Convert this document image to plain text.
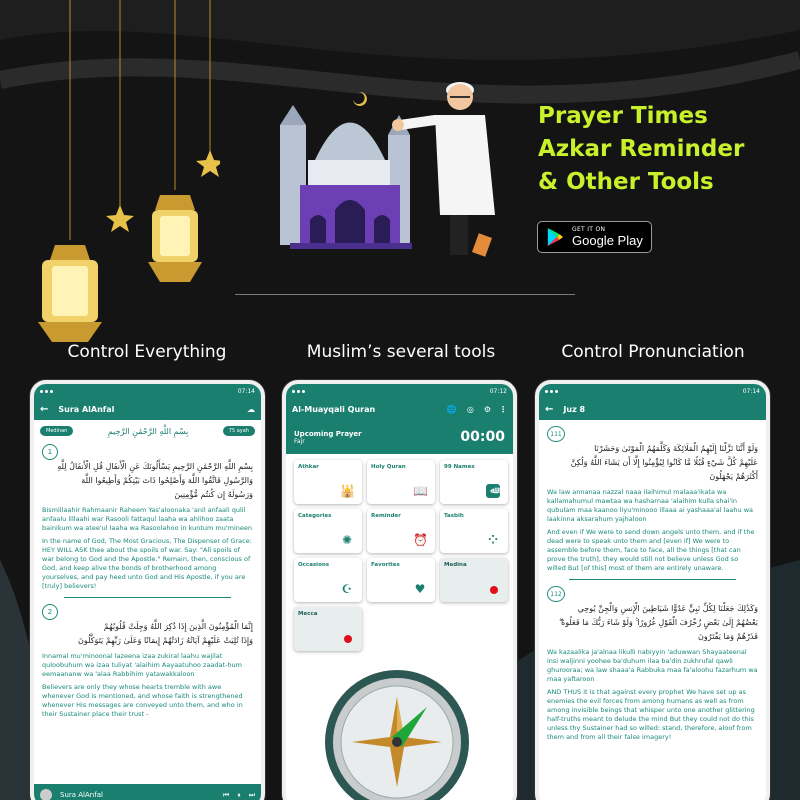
Prayer Times
Azkar Reminder
& Other Tools
GET IT ON
Google Play
Control Everything	Muslim’s several tools	Control Pronunciation
07:14
← Sura AlAnfal	☁
Medinan	بِسْمِ اللَّهِ الرَّحْمَٰنِ الرَّحِيمِ	75 ayah
1
بِسْمِ اللَّهِ الرَّحْمَٰنِ الرَّحِيمِ يَسْأَلُونَكَ عَنِ الْأَنفَالِ قُلِ الْأَنفَالُ لِلَّهِ
وَالرَّسُولِ فَاتَّقُوا اللَّهَ وَأَصْلِحُوا ذَاتَ بَيْنِكُمْ وَأَطِيعُوا اللَّهَ
وَرَسُولَهُ إِن كُنتُم مُّؤْمِنِينَ
Bismillaahir Rahmaanir Raheem Yas'aloonaka 'anil anfaali qulil anfaalu lillaahi war Rasooli fattaqul laaha wa ahlihoo zaata bainikum wa atee'ul laaha wa Rasoolahoo in kuntum mu'mineen
In the name of God, The Most Gracious, The Dispenser of Grace: HEY WILL ASK thee about the spoils of war. Say: "All spoils of war belong to God and the Apostle." Remain, then, conscious of God, and keep alive the bonds of brotherhood among yourselves, and pay heed unto God and His Apostle, if you are [truly] believers!
2
إِنَّمَا الْمُؤْمِنُونَ الَّذِينَ إِذَا ذُكِرَ اللَّهُ وَجِلَتْ قُلُوبُهُمْ
وَإِذَا تُلِيَتْ عَلَيْهِمْ آيَاتُهُ زَادَتْهُمْ إِيمَانًا وَعَلَىٰ رَبِّهِمْ يَتَوَكَّلُونَ
Innamal mu'minoonal lazeena izaa zukiral laahu wajilat quloobuhum wa izaa tuliyat 'alaihim Aayaatuhoo zaadat-hum eemaananw wa 'alaa Rabbihim yatawakkaloon
Believers are only they whose hearts tremble with awe whenever God is mentioned, and whose faith is strengthened whenever His messages are conveyed unto them, and who in their Sustainer place their trust -
Sura AlAnfal	⏮ ⏸ ⏭
07:12
Al-Muayqali Quran	🌐 ◎ ⚙ ⋮
Upcoming Prayer
Fajr	00:00
Athkar
🕌
Holy Quran
📖
99 Names
ﷲ
Categories
✺
Reminder
⏰
Tasbih
⁘
Occasions
☪
Favorites
♥
Medina
Mecca
07:14
← Juz 8
111
وَلَوْ أَنَّنَا نَزَّلْنَا إِلَيْهِمُ الْمَلَائِكَةَ وَكَلَّمَهُمُ الْمَوْتَىٰ وَحَشَرْنَا
عَلَيْهِمْ كُلَّ شَيْءٍ قُبُلًا مَّا كَانُوا لِيُؤْمِنُوا إِلَّا أَن يَشَاءَ اللَّهُ وَلَٰكِنَّ
أَكْثَرَهُمْ يَجْهَلُونَ
Wa law annanaa nazzal naaa ilaihimul malaaa'ikata wa kallamahumul mawtaa wa hasharnaa 'alaihim kulla shai'in qubulam maa kaanoo liyu'minooo illaaa ai yashaaa'al laahu wa laakinna aksarahum yajhaloon
And even if We were to send down angels unto them, and if the dead were to speak unto them and [even if] We were to assemble before them, face to face, all the things [that can prove the truth], they would still not believe unless God so willed But [of this] most of them are entirely unaware.
112
وَكَذَٰلِكَ جَعَلْنَا لِكُلِّ نَبِيٍّ عَدُوًّا شَيَاطِينَ الْإِنسِ وَالْجِنِّ يُوحِي
بَعْضُهُمْ إِلَىٰ بَعْضٍ زُخْرُفَ الْقَوْلِ غُرُورًا ۚ وَلَوْ شَاءَ رَبُّكَ مَا فَعَلُوهُ ۖ
فَذَرْهُمْ وَمَا يَفْتَرُونَ
Wa kazaalika ja'alnaa likulli nabiyyin 'aduwwan Shayaateenal insi waljinni yoohee ba'duhum ilaa ba'din zukhrufal qawli ghurooraa; wa law shaaa'a Rabbuka maa fa'aloohu fazarhum wa maa yaftaroon
AND THUS it is that against every prophet We have set up as enemies the evil forces from among humans as well as from among invisible beings that whisper unto one another glittering half-truths meant to delude the mind But they could not do this unless thy Sustainer had so willed: stand, therefore, aloof from them and from all their false imagery!
